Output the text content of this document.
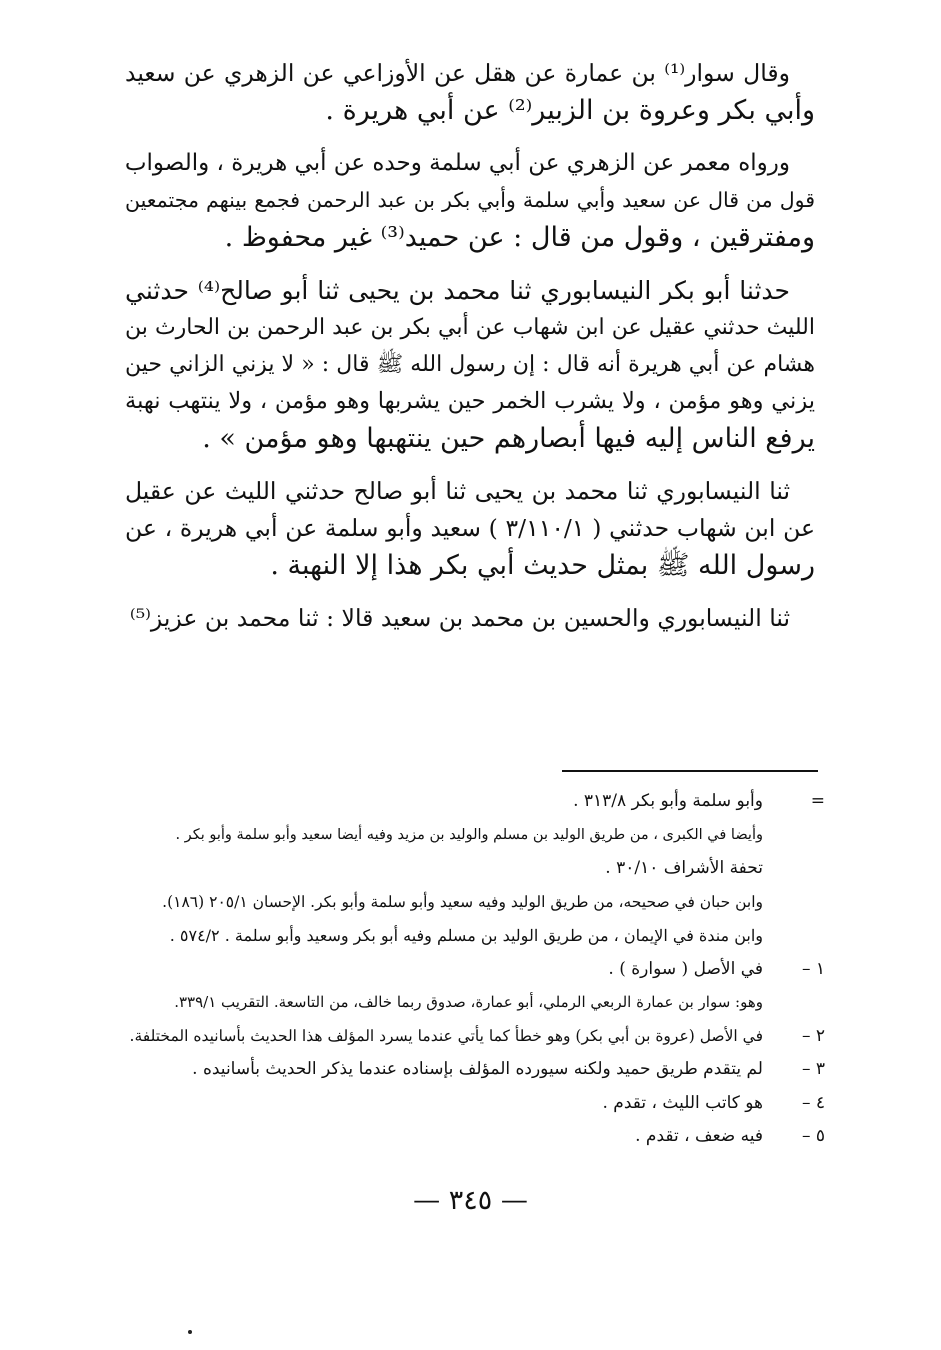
وقال سوار⁽¹⁾ بن عمارة عن هقل عن الأوزاعي عن الزهري عن سعيد
وأبي بكر وعروة بن الزبير⁽²⁾ عن أبي هريرة .
ورواه معمر عن الزهري عن أبي سلمة وحده عن أبي هريرة ، والصواب
قول من قال عن سعيد وأبي سلمة وأبي بكر بن عبد الرحمن فجمع بينهم مجتمعين
ومفترقين ، وقول من قال : عن حميد⁽³⁾ غير محفوظ .
حدثنا أبو بكر النيسابوري ثنا محمد بن يحيى ثنا أبو صالح⁽⁴⁾ حدثني
الليث حدثني عقيل عن ابن شهاب عن أبي بكر بن عبد الرحمن بن الحارث بن
هشام عن أبي هريرة أنه قال : إن رسول الله ﷺ قال : « لا يزني الزاني حين
يزني وهو مؤمن ، ولا يشرب الخمر حين يشربها وهو مؤمن ، ولا ينتهب نهبة
يرفع الناس إليه فيها أبصارهم حين ينتهبها وهو مؤمن » .
ثنا النيسابوري ثنا محمد بن يحيى ثنا أبو صالح حدثني الليث عن عقيل
عن ابن شهاب حدثني ( ٣/١١٠/١ ) سعيد وأبو سلمة عن أبي هريرة ، عن
رسول الله ﷺ بمثل حديث أبي بكر هذا إلا النهبة .
ثنا النيسابوري والحسين بن محمد بن سعيد قالا : ثنا محمد بن عزيز⁽⁵⁾
=
وأبو سلمة وأبو بكر ٣١٣/٨ .
وأيضا في الكبرى ، من طريق الوليد بن مسلم والوليد بن مزيد وفيه أيضا سعيد وأبو سلمة وأبو بكر .
تحفة الأشراف ٣٠/١٠ .
وابن حبان في صحيحه، من طريق الوليد وفيه سعيد وأبو سلمة وأبو بكر. الإحسان ٢٠٥/١ (١٨٦).
وابن مندة في الإيمان ، من طريق الوليد بن مسلم وفيه أبو بكر وسعيد وأبو سلمة . ٥٧٤/٢ .
١ –
في الأصل ( سوارة ) .
وهو: سوار بن عمارة الربعي الرملي، أبو عمارة، صدوق ربما خالف، من التاسعة. التقريب ٣٣٩/١.
٢ –
في الأصل (عروة بن أبي بكر) وهو خطأ كما يأتي عندما يسرد المؤلف هذا الحديث بأسانيده المختلفة.
٣ –
لم يتقدم طريق حميد ولكنه سيورده المؤلف بإسناده عندما يذكر الحديث بأسانيده .
٤ –
هو كاتب الليث ، تقدم .
٥ –
فيه ضعف ، تقدم .
— ٣٤٥ —
